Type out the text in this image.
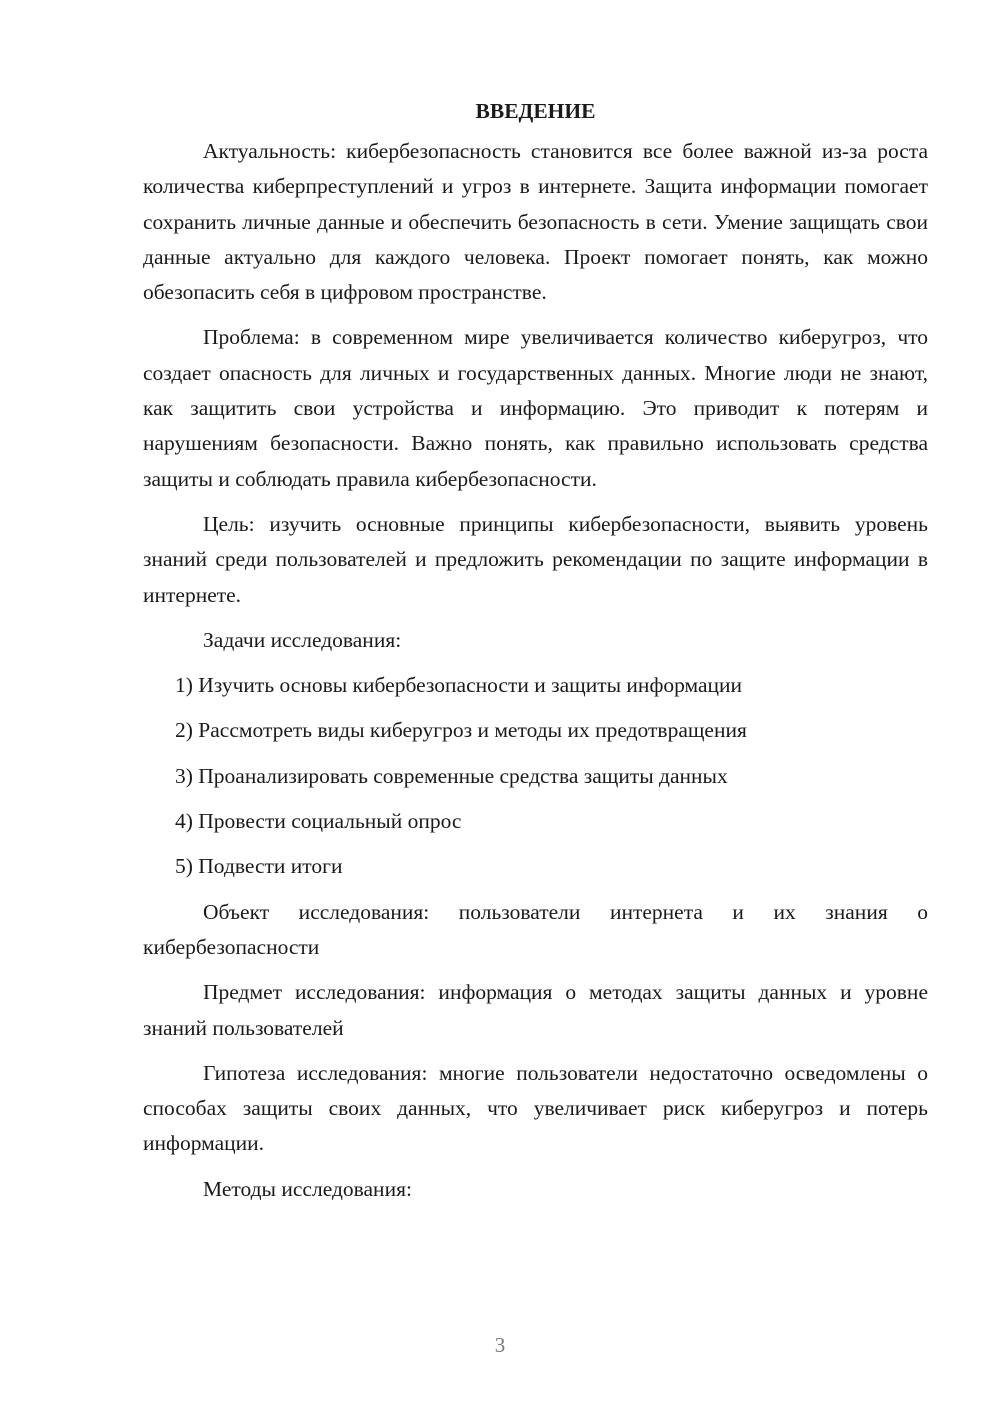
ВВЕДЕНИЕ

Актуальность: кибербезопасность становится все более важной из-за роста количества киберпреступлений и угроз в интернете. Защита информации помогает сохранить личные данные и обеспечить безопасность в сети. Умение защищать свои данные актуально для каждого человека. Проект помогает понять, как можно обезопасить себя в цифровом пространстве.

Проблема: в современном мире увеличивается количество киберугроз, что создает опасность для личных и государственных данных. Многие люди не знают, как защитить свои устройства и информацию. Это приводит к потерям и нарушениям безопасности. Важно понять, как правильно использовать средства защиты и соблюдать правила кибербезопасности.

Цель: изучить основные принципы кибербезопасности, выявить уровень знаний среди пользователей и предложить рекомендации по защите информации в интернете.

Задачи исследования:

1) Изучить основы кибербезопасности и защиты информации
2) Рассмотреть виды киберугроз и методы их предотвращения
3) Проанализировать современные средства защиты данных
4) Провести социальный опрос
5) Подвести итоги

Объект исследования: пользователи интернета и их знания о кибербезопасности

Предмет исследования: информация о методах защиты данных и уровне знаний пользователей

Гипотеза исследования: многие пользователи недостаточно осведомлены о способах защиты своих данных, что увеличивает риск киберугроз и потерь информации.

Методы исследования:

3
